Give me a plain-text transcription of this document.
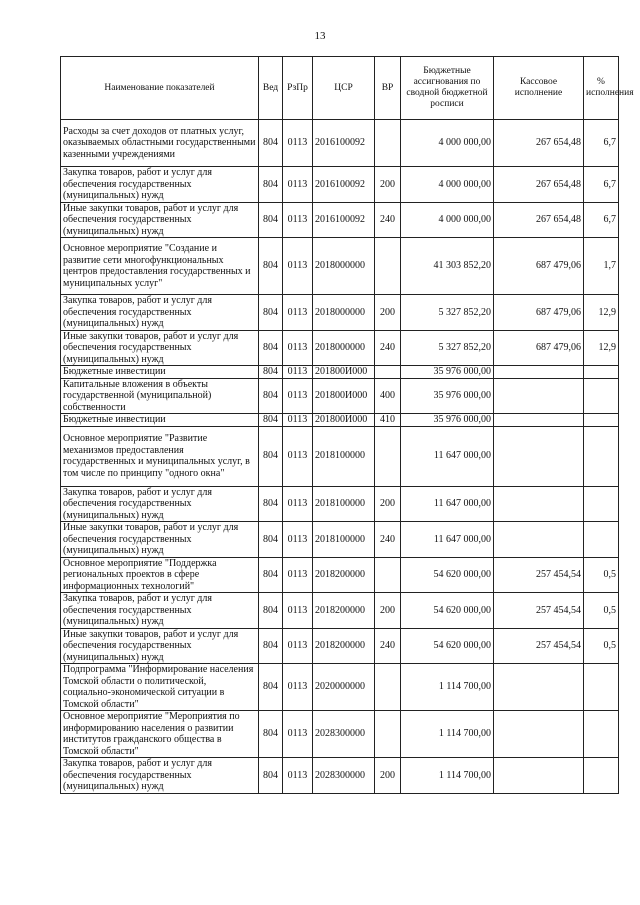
13
Наименование показателей	Вед	РзПр	ЦСР	ВР	Бюджетные ассигнования по сводной бюджетной росписи	Кассовое исполнение	% исполнения
Расходы за счет доходов от платных услуг, оказываемых областными государственными казенными учреждениями	804	0113	2016100092		4 000 000,00	267 654,48	6,7
Закупка товаров, работ и услуг для обеспечения государственных (муниципальных) нужд	804	0113	2016100092	200	4 000 000,00	267 654,48	6,7
Иные закупки товаров, работ и услуг для обеспечения государственных (муниципальных) нужд	804	0113	2016100092	240	4 000 000,00	267 654,48	6,7
Основное мероприятие "Создание и развитие сети многофункциональных центров предоставления государственных и муниципальных услуг"	804	0113	2018000000		41 303 852,20	687 479,06	1,7
Закупка товаров, работ и услуг для обеспечения государственных (муниципальных) нужд	804	0113	2018000000	200	5 327 852,20	687 479,06	12,9
Иные закупки товаров, работ и услуг для обеспечения государственных (муниципальных) нужд	804	0113	2018000000	240	5 327 852,20	687 479,06	12,9
Бюджетные инвестиции	804	0113	201800И000		35 976 000,00		
Капитальные вложения в объекты государственной (муниципальной) собственности	804	0113	201800И000	400	35 976 000,00		
Бюджетные инвестиции	804	0113	201800И000	410	35 976 000,00		
Основное мероприятие "Развитие механизмов предоставления государственных и муниципальных услуг, в том числе по принципу "одного окна"	804	0113	2018100000		11 647 000,00		
Закупка товаров, работ и услуг для обеспечения государственных (муниципальных) нужд	804	0113	2018100000	200	11 647 000,00		
Иные закупки товаров, работ и услуг для обеспечения государственных (муниципальных) нужд	804	0113	2018100000	240	11 647 000,00		
Основное мероприятие "Поддержка региональных проектов в сфере информационных технологий"	804	0113	2018200000		54 620 000,00	257 454,54	0,5
Закупка товаров, работ и услуг для обеспечения государственных (муниципальных) нужд	804	0113	2018200000	200	54 620 000,00	257 454,54	0,5
Иные закупки товаров, работ и услуг для обеспечения государственных (муниципальных) нужд	804	0113	2018200000	240	54 620 000,00	257 454,54	0,5
Подпрограмма "Информирование населения Томской области о политической, социально-экономической ситуации в Томской области"	804	0113	2020000000		1 114 700,00		
Основное мероприятие "Мероприятия по информированию населения о развитии институтов гражданского общества в Томской области"	804	0113	2028300000		1 114 700,00		
Закупка товаров, работ и услуг для обеспечения государственных (муниципальных) нужд	804	0113	2028300000	200	1 114 700,00		
